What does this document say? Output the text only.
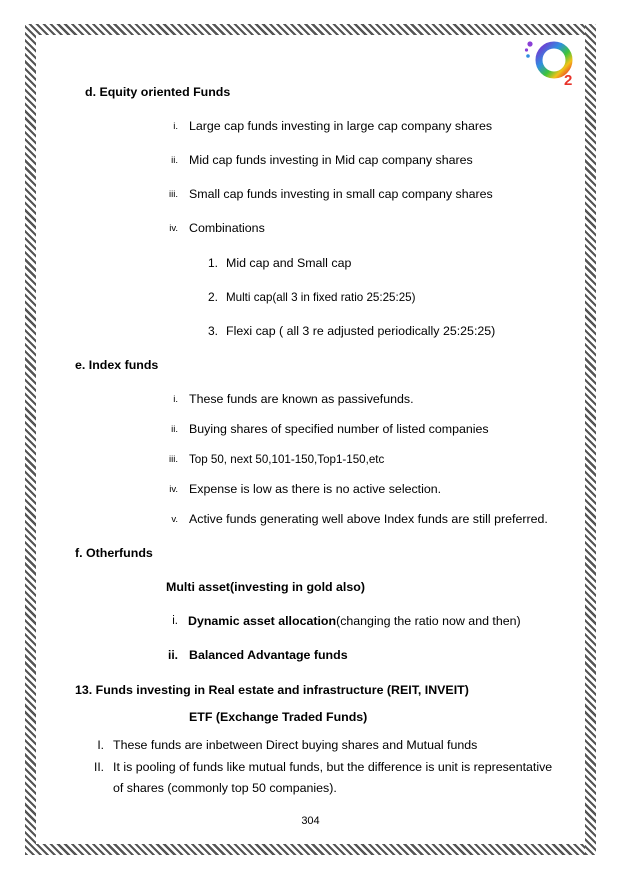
2
d. Equity oriented Funds
i. Large cap funds investing in large cap company shares
ii. Mid cap funds investing in Mid cap company shares
iii. Small cap funds investing in small cap company shares
iv. Combinations
1. Mid cap and Small cap
2. Multi cap(all 3 in fixed ratio 25:25:25)
3. Flexi cap ( all 3 re adjusted periodically 25:25:25)
e. Index funds
i. These funds are known as passivefunds.
ii. Buying shares of specified number of listed companies
iii. Top 50, next 50,101-150,Top1-150,etc
iv. Expense is low as there is no active selection.
v. Active funds generating well above Index funds are still preferred.
f. Otherfunds
Multi asset(investing in gold also)
i. Dynamic asset allocation(changing the ratio now and then)
ii. Balanced Advantage funds
13. Funds investing in Real estate and infrastructure (REIT, INVEIT)
ETF (Exchange Traded Funds)
I. These funds are inbetween Direct buying shares and Mutual funds
II. It is pooling of funds like mutual funds, but the difference is unit is representative
of shares (commonly top 50 companies).
304
